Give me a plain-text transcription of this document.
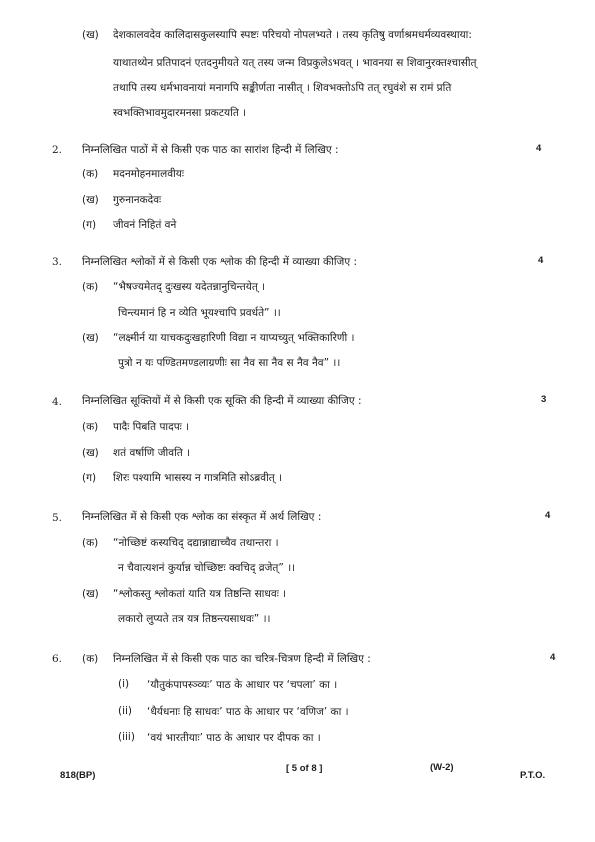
(ख) देशकालवदेव कालिदासकुलस्यापि स्पष्टः परिचयो नोपलभ्यते । तस्य कृतिषु वर्णाश्रमधर्मव्यवस्थाया:
याथातथ्येन प्रतिपादनं एतदनुमीयते यत् तस्य जन्म विप्रकुलेऽभवत् । भावनया स शिवानुरक्तश्चासीत्
तथापि तस्य धर्मभावनायां मनागपि सङ्कीर्णता नासीत् । शिवभक्तोऽपि तत् रघुवंशे स रामं प्रति
स्वभक्तिभावमुदारमनसा प्रकटयति ।
2. निम्नलिखित पाठों में से किसी एक पाठ का सारांश हिन्दी में लिखिए :	4
(क) मदनमोहनमालवीयः
(ख) गुरुनानकदेवः
(ग) जीवनं निहितं वने
3. निम्नलिखित श्लोकों में से किसी एक श्लोक की हिन्दी में व्याख्या कीजिए :	4
(क) “भैषज्यमेतद् दुःखस्य यदेतन्नानुचिन्तयेत् ।
चिन्त्यमानं हि न व्येति भूयश्चापि प्रवर्धते” ।।
(ख) “लक्ष्मीर्न या याचकदुःखहारिणी विद्या न याप्यच्युत् भक्तिकारिणी ।
पुत्रो न यः पण्डितमण्डलाग्रणीः सा नैव सा नैव स नैव नैव” ।।
4. निम्नलिखित सूक्तियों में से किसी एक सूक्ति की हिन्दी में व्याख्या कीजिए :	3
(क) पादैः पिबति पादपः ।
(ख) शतं वर्षाणि जीवति ।
(ग) शिरः पश्यामि भासस्य न गात्रमिति सोऽब्रवीत् ।
5. निम्नलिखित में से किसी एक श्लोक का संस्कृत में अर्थ लिखिए :	4
(क) “नोच्छिष्टं कस्यचिद् दद्यान्नाद्याच्चैव तथान्तरा ।
न चैवात्यशनं कुर्यान्न चोच्छिष्टः क्वचिद् व्रजेत्” ।।
(ख) “श्लोकस्तु श्लोकतां याति यत्र तिष्ठन्ति साधवः ।
लकारो लुप्यते तत्र यत्र तिष्ठन्त्यसाधवः” ।।
6. (क) निम्नलिखित में से किसी एक पाठ का चरित्र-चित्रण हिन्दी में लिखिए :	4
(i) ‘यौतुकंपापस्ञ्व्यः’ पाठ के आधार पर ‘चपला’ का ।
(ii) ‘धैर्यधनाः हि साधवः’ पाठ के आधार पर ‘वणिज’ का ।
(iii) ‘वयं भारतीयाः’ पाठ के आधार पर दीपक का ।
818(BP)
[ 5 of 8 ]	(W-2)
P.T.O.
